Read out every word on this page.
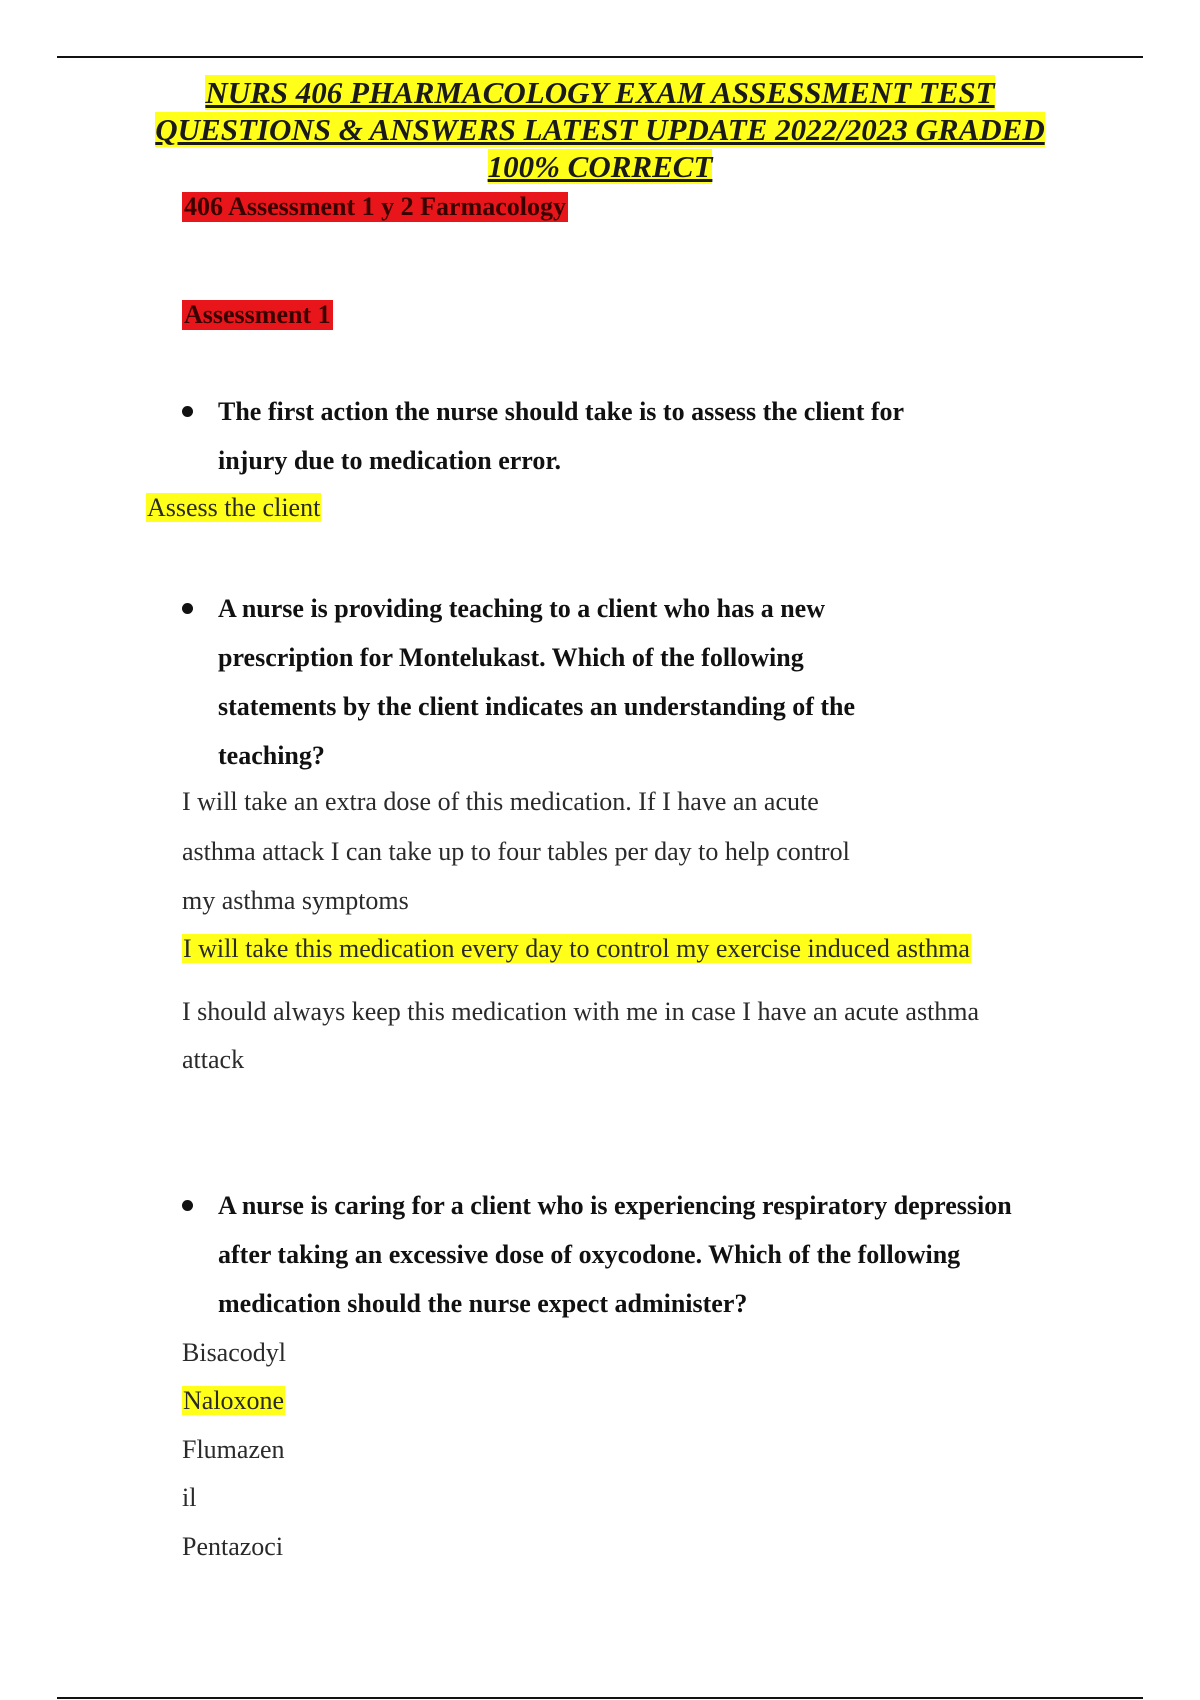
NURS 406 PHARMACOLOGY EXAM ASSESSMENT TEST
QUESTIONS & ANSWERS LATEST UPDATE 2022/2023 GRADED
100% CORRECT
406 Assessment 1 y 2 Farmacology
Assessment 1
The first action the nurse should take is to assess the client for
injury due to medication error.
Assess the client
A nurse is providing teaching to a client who has a new
prescription for Montelukast. Which of the following
statements by the client indicates an understanding of the
teaching?
I will take an extra dose of this medication. If I have an acute
asthma attack I can take up to four tables per day to help control
my asthma symptoms
I will take this medication every day to control my exercise induced asthma
I should always keep this medication with me in case I have an acute asthma
attack
A nurse is caring for a client who is experiencing respiratory depression
after taking an excessive dose of oxycodone. Which of the following
medication should the nurse expect administer?
Bisacodyl
Naloxone
Flumazen
il
Pentazoci
